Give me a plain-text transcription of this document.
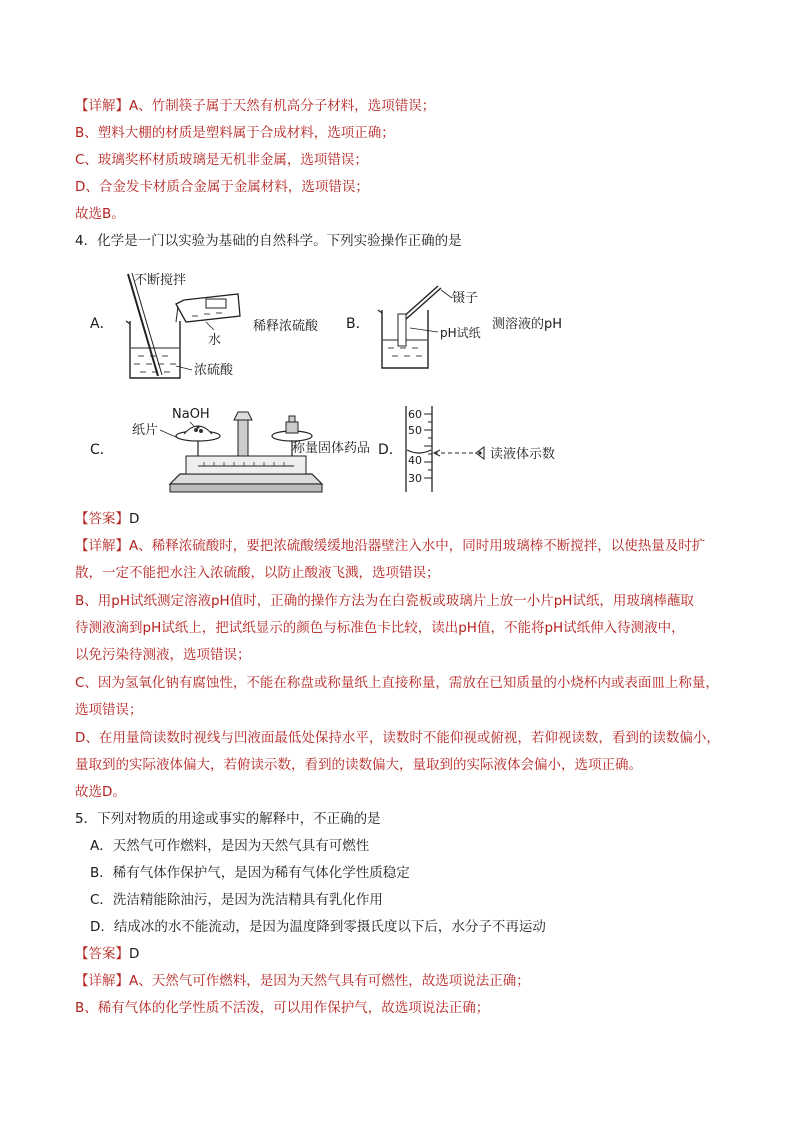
【详解】A、竹制筷子属于天然有机高分子材料，选项错误；
B、塑料大棚的材质是塑料属于合成材料，选项正确；
C、玻璃奖杯材质玻璃是无机非金属，选项错误；
D、合金发卡材质合金属于金属材料，选项错误；
故选B。
4．化学是一门以实验为基础的自然科学。下列实验操作正确的是
A．
不断搅拌
水
稀释浓硫酸
浓硫酸
B．
镊子
pH试纸
测溶液的pH
C．
NaOH
纸片
称量固体药品 D．
60
50
40
30
读液体示数
【答案】D
【详解】A、稀释浓硫酸时，要把浓硫酸缓缓地沿器壁注入水中，同时用玻璃棒不断搅拌，以使热量及时扩
散，一定不能把水注入浓硫酸，以防止酸液飞溅，选项错误；
B、用pH试纸测定溶液pH值时，正确的操作方法为在白瓷板或玻璃片上放一小片pH试纸，用玻璃棒蘸取
待测液滴到pH试纸上，把试纸显示的颜色与标准色卡比较，读出pH值，不能将pH试纸伸入待测液中，
以免污染待测液，选项错误；
C、因为氢氧化钠有腐蚀性，不能在称盘或称量纸上直接称量，需放在已知质量的小烧杯内或表面皿上称量，
选项错误；
D、在用量筒读数时视线与凹液面最低处保持水平，读数时不能仰视或俯视，若仰视读数，看到的读数偏小，
量取到的实际液体偏大，若俯读示数，看到的读数偏大，量取到的实际液体会偏小，选项正确。
故选D。
5．下列对物质的用途或事实的解释中，不正确的是
A．天然气可作燃料，是因为天然气具有可燃性
B．稀有气体作保护气，是因为稀有气体化学性质稳定
C．洗洁精能除油污，是因为洗洁精具有乳化作用
D．结成冰的水不能流动，是因为温度降到零摄氏度以下后，水分子不再运动
【答案】D
【详解】A、天然气可作燃料，是因为天然气具有可燃性，故选项说法正确；
B、稀有气体的化学性质不活泼，可以用作保护气，故选项说法正确；
